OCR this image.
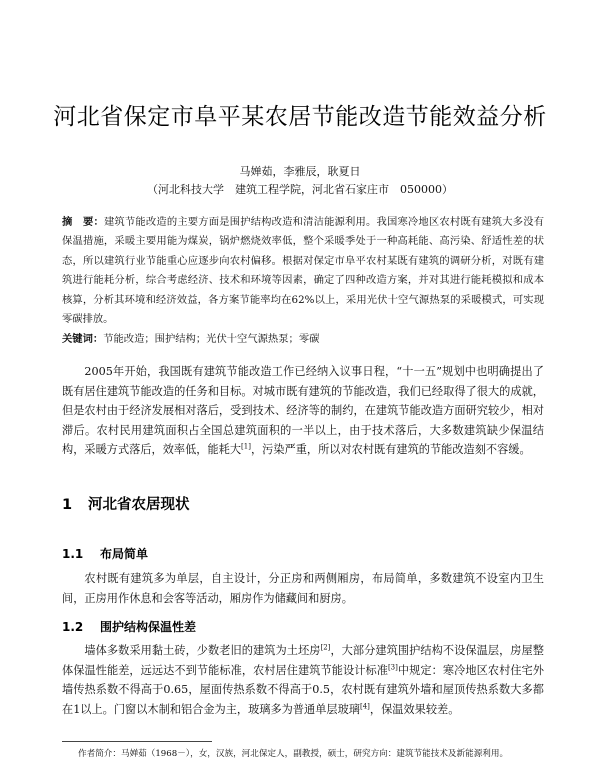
河北省保定市阜平某农居节能改造节能效益分析
马婵茹，李雅辰，耿夏日
（河北科技大学　建筑工程学院，河北省石家庄市　050000）
摘　要：建筑节能改造的主要方面是围护结构改造和清洁能源利用。我国寒冷地区农村既有建筑大多没有保温措施，采暖主要用能为煤炭，锅炉燃烧效率低，整个采暖季处于一种高耗能、高污染、舒适性差的状态，所以建筑行业节能重心应逐步向农村偏移。根据对保定市阜平农村某既有建筑的调研分析，对既有建筑进行能耗分析，综合考虑经济、技术和环境等因素，确定了四种改造方案，并对其进行能耗模拟和成本核算，分析其环境和经济效益，各方案节能率均在62%以上，采用光伏十空气源热泵的采暖模式，可实现零碳排放。
关键词：节能改造；围护结构；光伏十空气源热泵；零碳
2005年开始，我国既有建筑节能改造工作已经纳入议事日程，“十一五”规划中也明确提出了既有居住建筑节能改造的任务和目标。对城市既有建筑的节能改造，我们已经取得了很大的成就，但是农村由于经济发展相对落后，受到技术、经济等的制约，在建筑节能改造方面研究较少，相对滞后。农村民用建筑面积占全国总建筑面积的一半以上，由于技术落后，大多数建筑缺少保温结构，采暖方式落后，效率低，能耗大[1]，污染严重，所以对农村既有建筑的节能改造刻不容缓。
1 河北省农居现状
1.1 布局简单
农村既有建筑多为单层，自主设计，分正房和两侧厢房，布局简单，多数建筑不设室内卫生间，正房用作休息和会客等活动，厢房作为储藏间和厨房。
1.2 围护结构保温性差
墙体多数采用黏土砖，少数老旧的建筑为土坯房[2]，大部分建筑围护结构不设保温层，房屋整体保温性能差，远远达不到节能标准，农村居住建筑节能设计标准[3]中规定：寒冷地区农村住宅外墙传热系数不得高于0.65，屋面传热系数不得高于0.5，农村既有建筑外墙和屋顶传热系数大多都在1以上。门窗以木制和铝合金为主，玻璃多为普通单层玻璃[4]，保温效果较差。
作者简介：马婵茹（1968－），女，汉族，河北保定人，副教授，硕士，研究方向：建筑节能技术及新能源利用。
